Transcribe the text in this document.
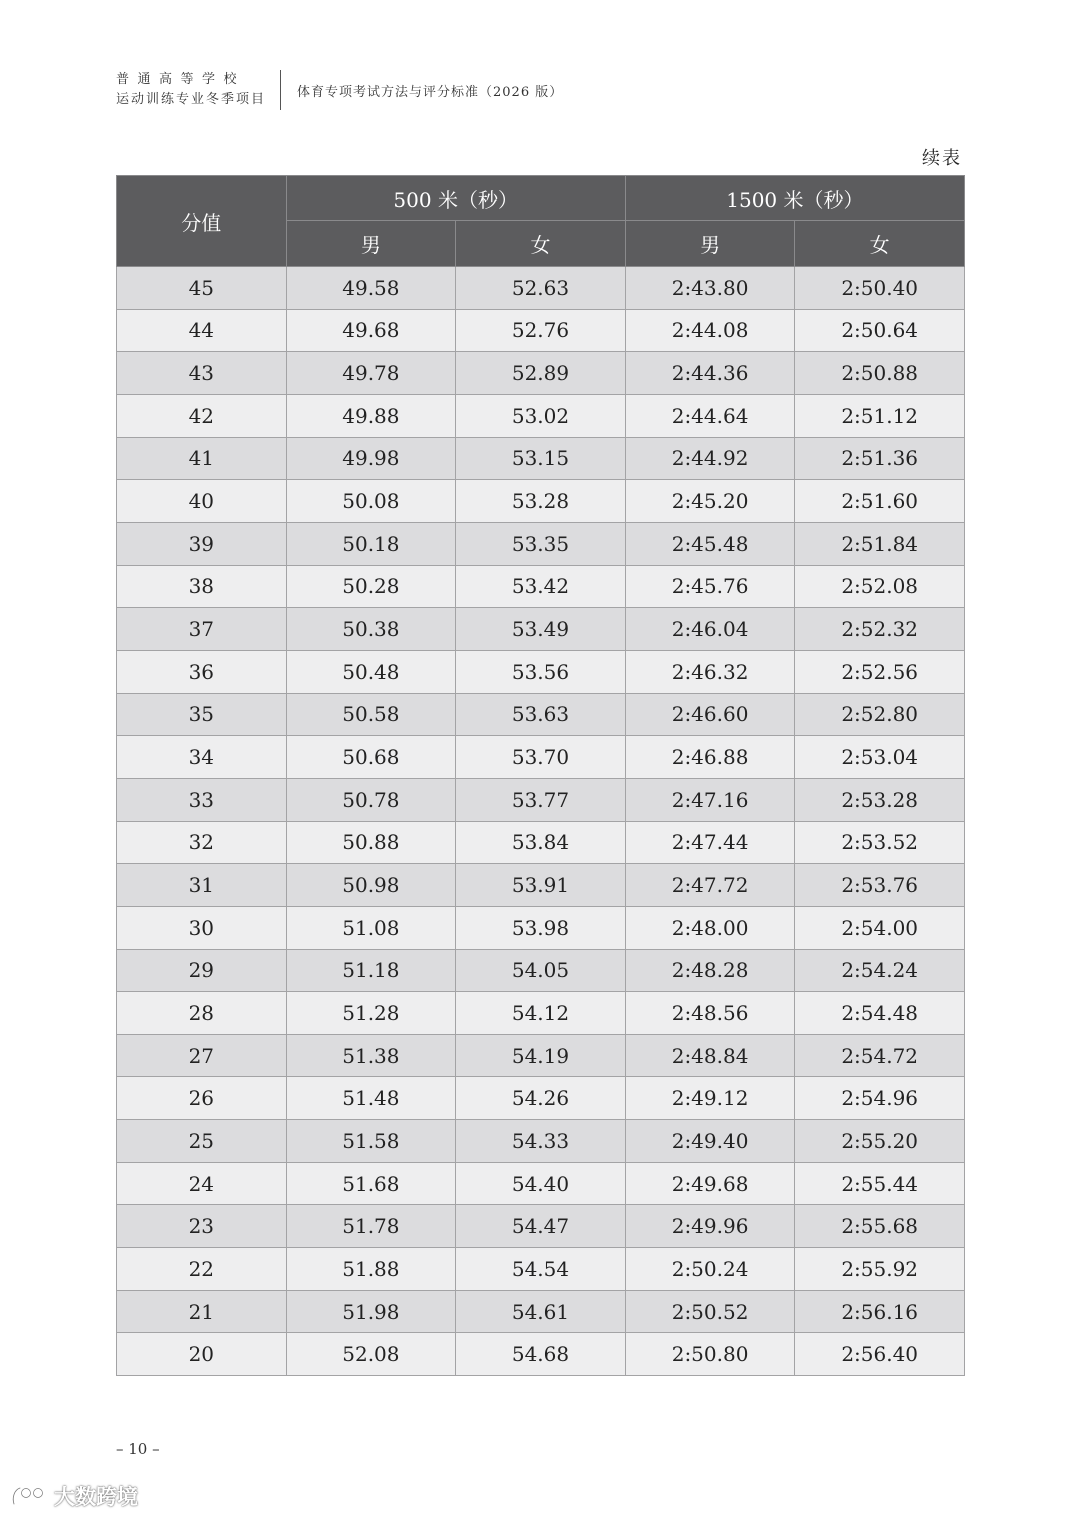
普通高等学校
运动训练专业冬季项目 体育专项考试方法与评分标准（2026 版）
续表
分值	500 米（秒）		1500 米（秒）	
	男	女	男	女
45	49.58	52.63	2:43.80	2:50.40
44	49.68	52.76	2:44.08	2:50.64
43	49.78	52.89	2:44.36	2:50.88
42	49.88	53.02	2:44.64	2:51.12
41	49.98	53.15	2:44.92	2:51.36
40	50.08	53.28	2:45.20	2:51.60
39	50.18	53.35	2:45.48	2:51.84
38	50.28	53.42	2:45.76	2:52.08
37	50.38	53.49	2:46.04	2:52.32
36	50.48	53.56	2:46.32	2:52.56
35	50.58	53.63	2:46.60	2:52.80
34	50.68	53.70	2:46.88	2:53.04
33	50.78	53.77	2:47.16	2:53.28
32	50.88	53.84	2:47.44	2:53.52
31	50.98	53.91	2:47.72	2:53.76
30	51.08	53.98	2:48.00	2:54.00
29	51.18	54.05	2:48.28	2:54.24
28	51.28	54.12	2:48.56	2:54.48
27	51.38	54.19	2:48.84	2:54.72
26	51.48	54.26	2:49.12	2:54.96
25	51.58	54.33	2:49.40	2:55.20
24	51.68	54.40	2:49.68	2:55.44
23	51.78	54.47	2:49.96	2:55.68
22	51.88	54.54	2:50.24	2:55.92
21	51.98	54.61	2:50.52	2:56.16
20	52.08	54.68	2:50.80	2:56.40
– 10 –
大数跨境
